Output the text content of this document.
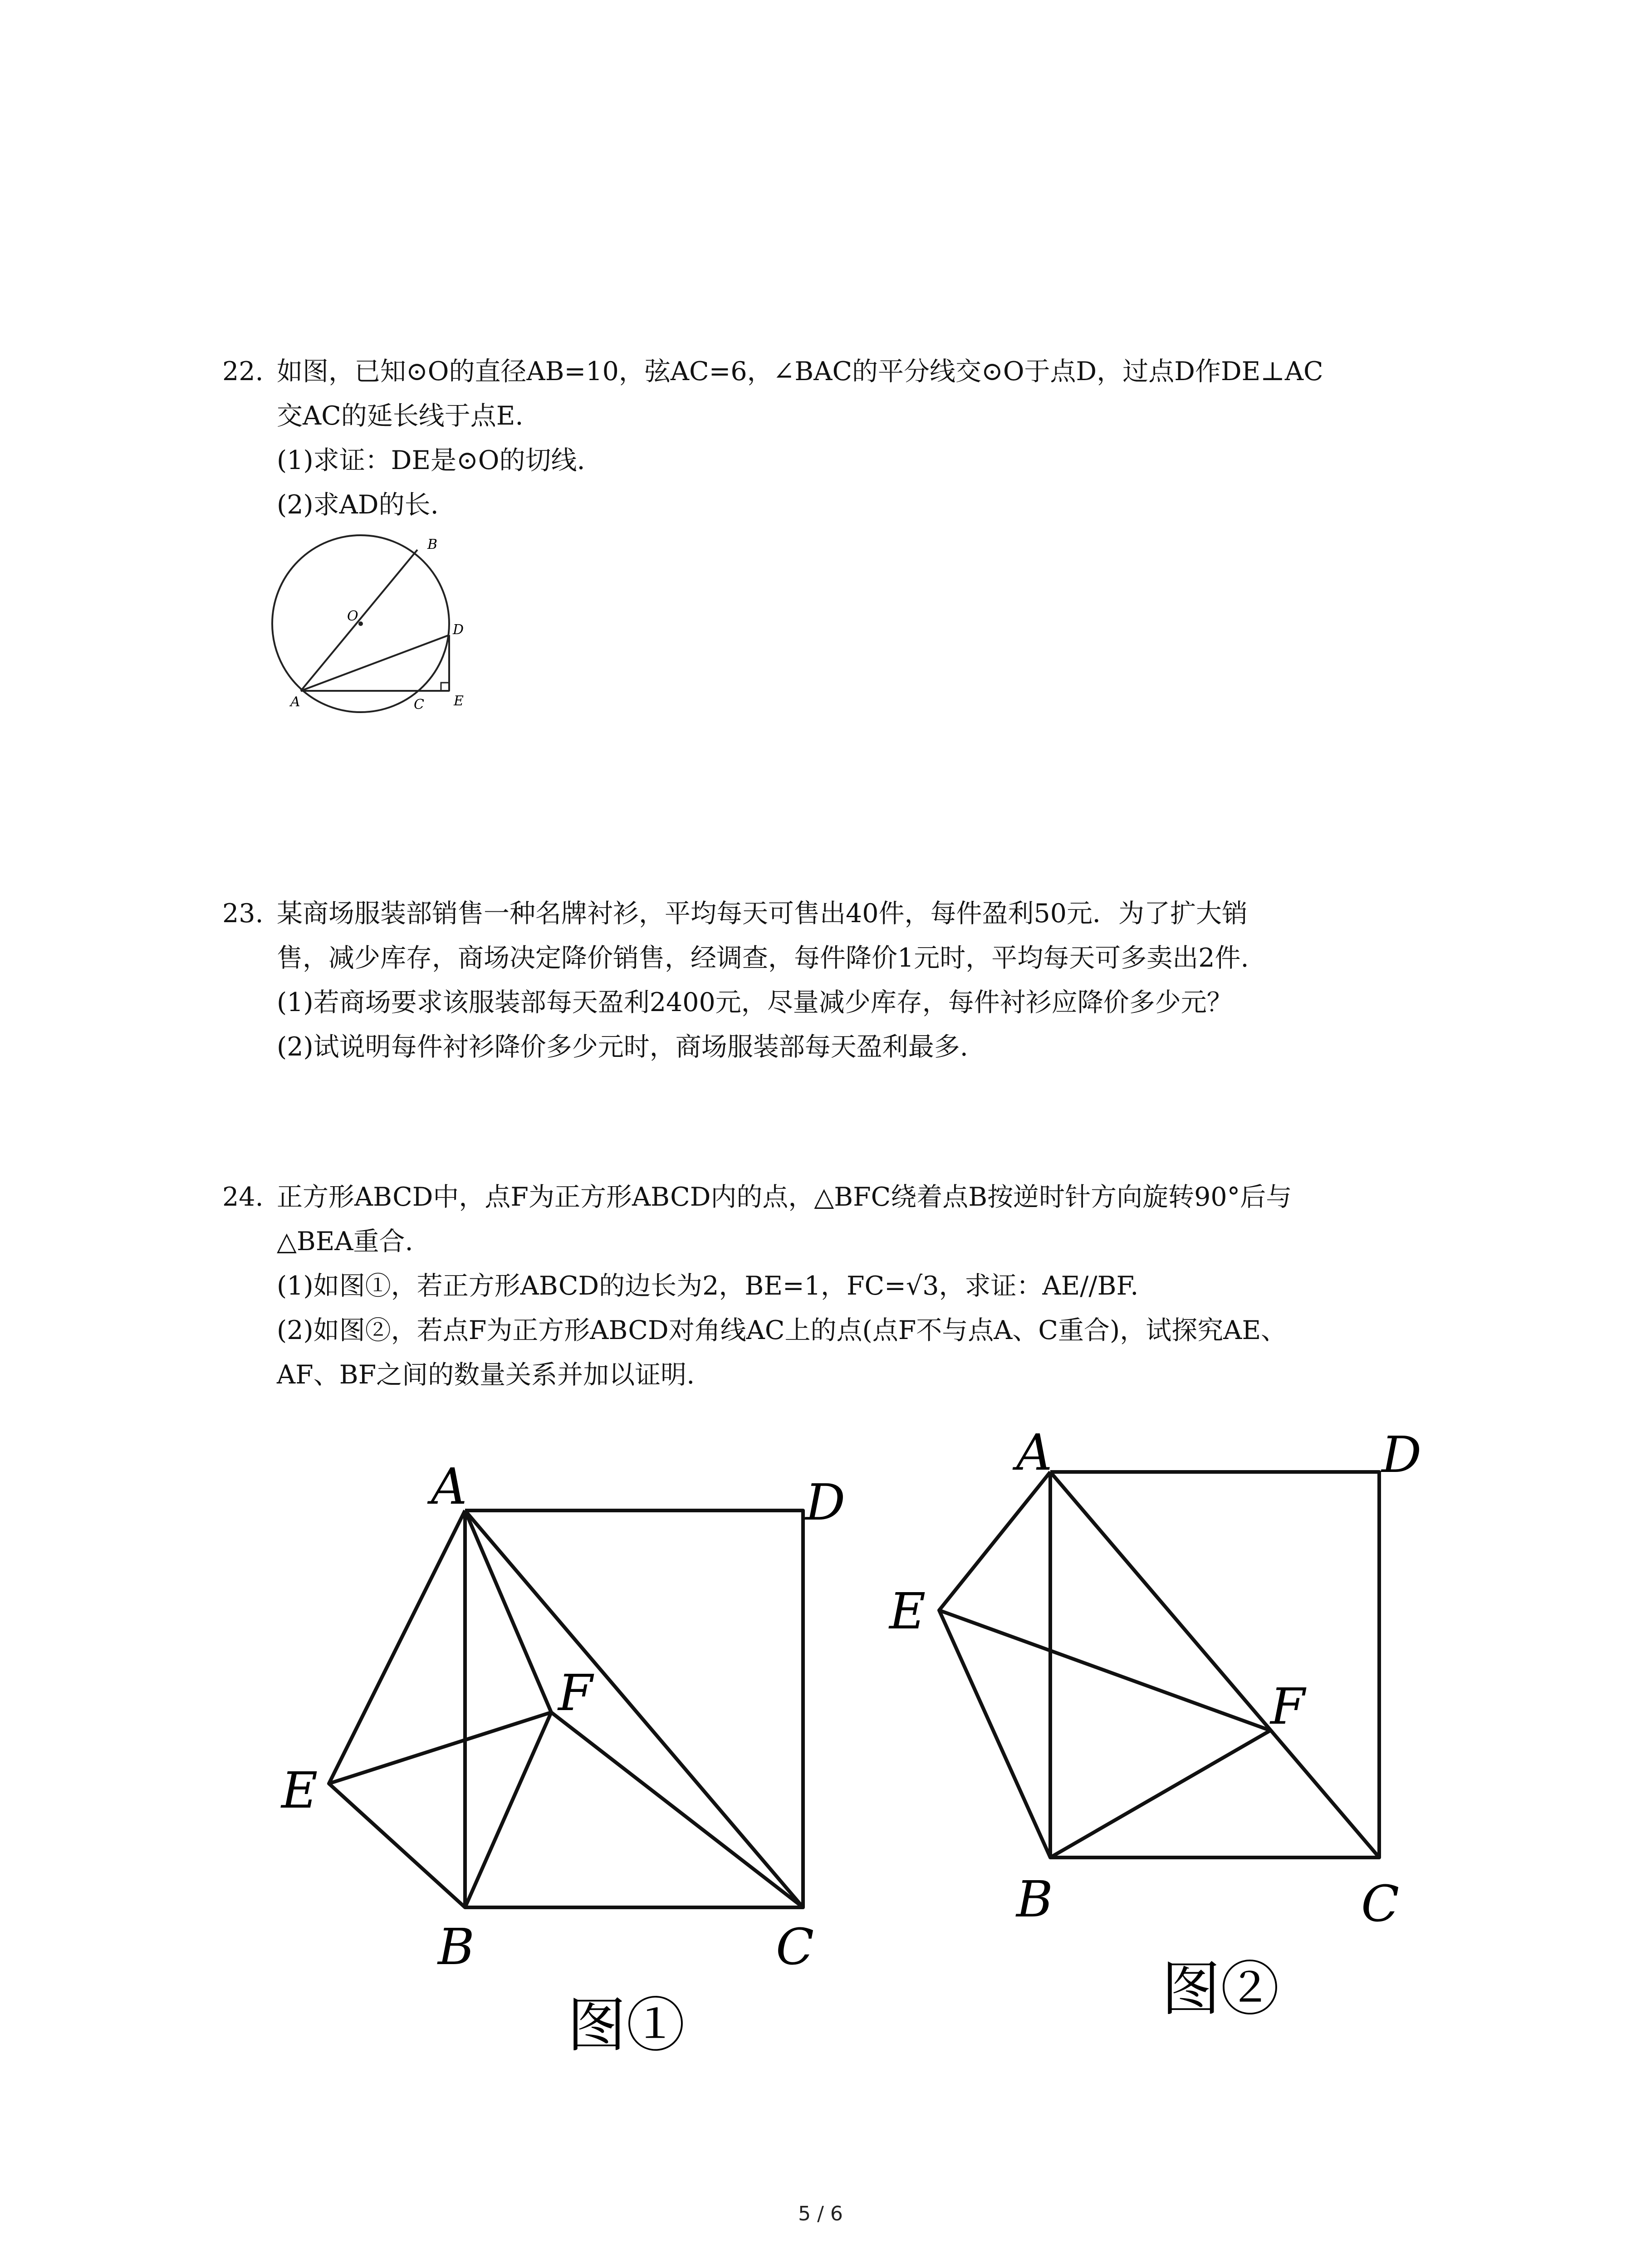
22. 如图，已知⊙O的直径AB=10，弦AC=6，∠BAC的平分线交⊙O于点D，过点D作DE⊥AC
交AC的延长线于点E.
(1)求证：DE是⊙O的切线.
(2)求AD的长.
B
O
D
A	C E
23. 某商场服装部销售一种名牌衬衫，平均每天可售出40件，每件盈利50元．为了扩大销
售，减少库存，商场决定降价销售，经调查，每件降价1元时，平均每天可多卖出2件.
(1)若商场要求该服装部每天盈利2400元，尽量减少库存，每件衬衫应降价多少元？
(2)试说明每件衬衫降价多少元时，商场服装部每天盈利最多.
24. 正方形ABCD中，点F为正方形ABCD内的点，△BFC绕着点B按逆时针方向旋转90°后与
△BEA重合.
(1)如图①，若正方形ABCD的边长为2，BE=1，FC=√3，求证：AE//BF.
(2)如图②，若点F为正方形ABCD对角线AC上的点(点F不与点A、C重合)，试探究AE、
AF、BF之间的数量关系并加以证明.
A	D
F
E
B	C
图①
A	D
E
F
B	C
图②
5 / 6
